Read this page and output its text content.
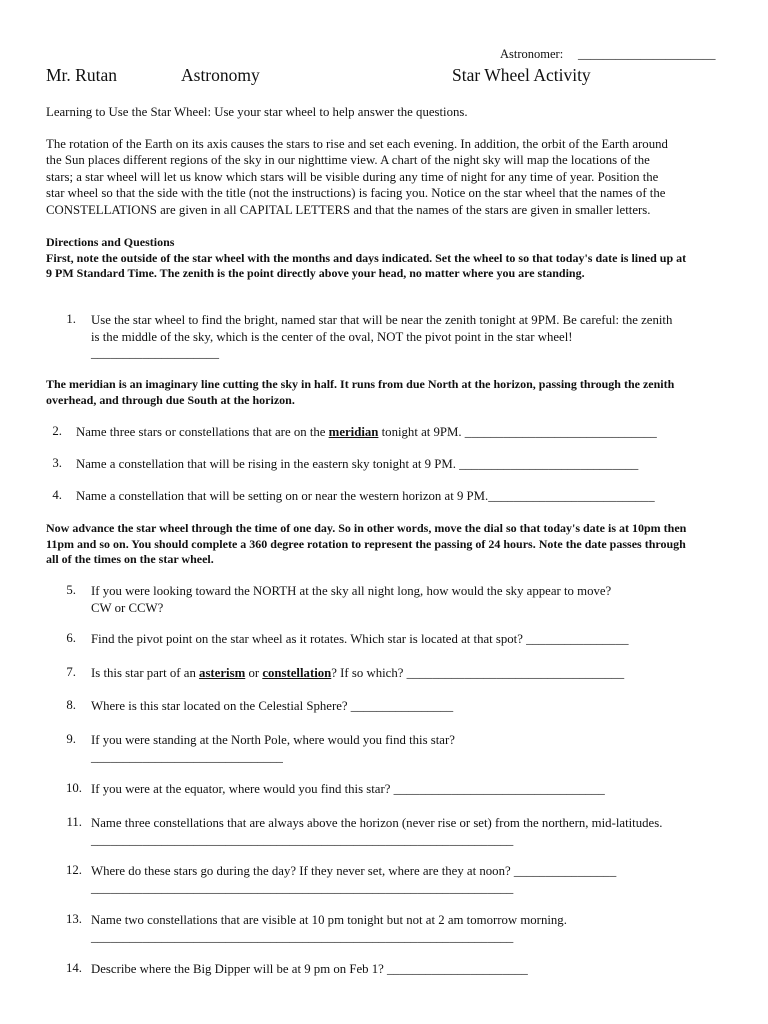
Astronomer: ______________________
Mr. Rutan	Astronomy	Star Wheel Activity
Learning to Use the Star Wheel: Use your star wheel to help answer the questions.
The rotation of the Earth on its axis causes the stars to rise and set each evening. In addition, the orbit of the Earth around
the Sun places different regions of the sky in our nighttime view. A chart of the night sky will map the locations of the
stars; a star wheel will let us know which stars will be visible during any time of night for any time of year. Position the
star wheel so that the side with the title (not the instructions) is facing you. Notice on the star wheel that the names of the
CONSTELLATIONS are given in all CAPITAL LETTERS and that the names of the stars are given in smaller letters.
Directions and Questions
First, note the outside of the star wheel with the months and days indicated. Set the wheel to so that today's date is lined up at
9 PM Standard Time. The zenith is the point directly above your head, no matter where you are standing.
1. Use the star wheel to find the bright, named star that will be near the zenith tonight at 9PM. Be careful: the zenith
is the middle of the sky, which is the center of the oval, NOT the pivot point in the star wheel!
____________________
The meridian is an imaginary line cutting the sky in half. It runs from due North at the horizon, passing through the zenith
overhead, and through due South at the horizon.
2. Name three stars or constellations that are on the meridian tonight at 9PM. ______________________________
3. Name a constellation that will be rising in the eastern sky tonight at 9 PM. ____________________________
4. Name a constellation that will be setting on or near the western horizon at 9 PM.__________________________
Now advance the star wheel through the time of one day. So in other words, move the dial so that today's date is at 10pm then
11pm and so on. You should complete a 360 degree rotation to represent the passing of 24 hours. Note the date passes through
all of the times on the star wheel.
5. If you were looking toward the NORTH at the sky all night long, how would the sky appear to move?
CW or CCW?
6. Find the pivot point on the star wheel as it rotates. Which star is located at that spot? ________________
7. Is this star part of an asterism or constellation? If so which? __________________________________
8. Where is this star located on the Celestial Sphere? ________________
9. If you were standing at the North Pole, where would you find this star?
______________________________
10. If you were at the equator, where would you find this star? _________________________________
11. Name three constellations that are always above the horizon (never rise or set) from the northern, mid-latitudes.
__________________________________________________________________
12. Where do these stars go during the day? If they never set, where are they at noon? ________________
__________________________________________________________________
13. Name two constellations that are visible at 10 pm tonight but not at 2 am tomorrow morning.
__________________________________________________________________
14. Describe where the Big Dipper will be at 9 pm on Feb 1? ______________________
